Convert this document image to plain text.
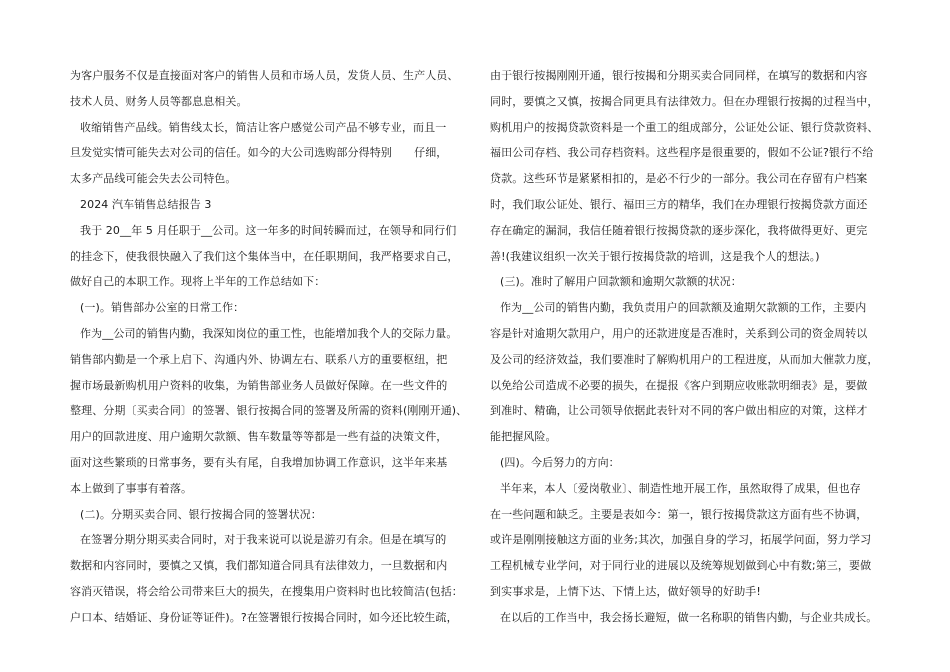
为客户服务不仅是直接面对客户的销售人员和市场人员，发货人员、生产人员、
技术人员、财务人员等都息息相关。
收缩销售产品线。销售线太长，简洁让客户感觉公司产品不够专业，而且一
旦发觉实情可能失去对公司的信任。如今的大公司选购部分得特别　　仔细，
太多产品线可能会失去公司特色。
2024 汽车销售总结报告 3
我于 20__年 5 月任职于__公司。这一年多的时间转瞬而过，在领导和同行们
的挂念下，使我很快融入了我们这个集体当中，在任职期间，我严格要求自己，
做好自己的本职工作。现将上半年的工作总结如下：
(一)。销售部办公室的日常工作：
作为__公司的销售内勤，我深知岗位的重工性，也能增加我个人的交际力量。
销售部内勤是一个承上启下、沟通内外、协调左右、联系八方的重要枢纽，把
握市场最新购机用户资料的收集，为销售部业务人员做好保障。在一些文件的
整理、分期〔买卖合同〕的签署、银行按揭合同的签署及所需的资料(刚刚开通)、
用户的回款进度、用户逾期欠款额、售车数量等等都是一些有益的决策文件，
面对这些繁琐的日常事务，要有头有尾，自我增加协调工作意识，这半年来基
本上做到了事事有着落。
(二)。分期买卖合同、银行按揭合同的签署状况：
在签署分期分期买卖合同时，对于我来说可以说是游刃有余。但是在填写的
数据和内容同时，要慎之又慎，我们都知道合同具有法律效力，一旦数据和内
容消灭错误，将会给公司带来巨大的损失，在搜集用户资料时也比较简洁(包括：
户口本、结婚证、身份证等证件)。?在签署银行按揭合同时，如今还比较生疏，
由于银行按揭刚刚开通，银行按揭和分期买卖合同同样，在填写的数据和内容
同时，要慎之又慎，按揭合同更具有法律效力。但在办理银行按揭的过程当中，
购机用户的按揭贷款资料是一个重工的组成部分，公证处公证、银行贷款资料、
福田公司存档、我公司存档资料。这些程序是很重要的，假如不公证?银行不给
贷款。这些环节是紧紧相扣的，是必不行少的一部分。我公司在存留有户档案
时，我们取公证处、银行、福田三方的精华，我们在办理银行按揭贷款方面还
存在确定的漏洞，我信任随着银行按揭贷款的逐步深化，我将做得更好、更完
善!(我建议组织一次关于银行按揭贷款的培训，这是我个人的想法。)
(三)。准时了解用户回款额和逾期欠款额的状况：
作为__公司的销售内勤，我负责用户的回款额及逾期欠款额的工作，主要内
容是针对逾期欠款用户，用户的还款进度是否准时，关系到公司的资金周转以
及公司的经济效益，我们要准时了解购机用户的工程进度，从而加大催款力度，
以免给公司造成不必要的损失，在提报《客户到期应收账款明细表》是，要做
到准时、精确，让公司领导依据此表针对不同的客户做出相应的对策，这样才
能把握风险。
(四)。今后努力的方向：
半年来，本人〔爱岗敬业〕、制造性地开展工作，虽然取得了成果，但也存
在一些问题和缺乏。主要是表如今：第一，银行按揭贷款这方面有些不协调，
或许是刚刚接触这方面的业务;其次，加强自身的学习，拓展学问面，努力学习
工程机械专业学问，对于同行业的进展以及统筹规划做到心中有数;第三，要做
到实事求是，上情下达、下情上达，做好领导的好助手!
在以后的工作当中，我会扬长避短，做一名称职的销售内勤，与企业共成长。
